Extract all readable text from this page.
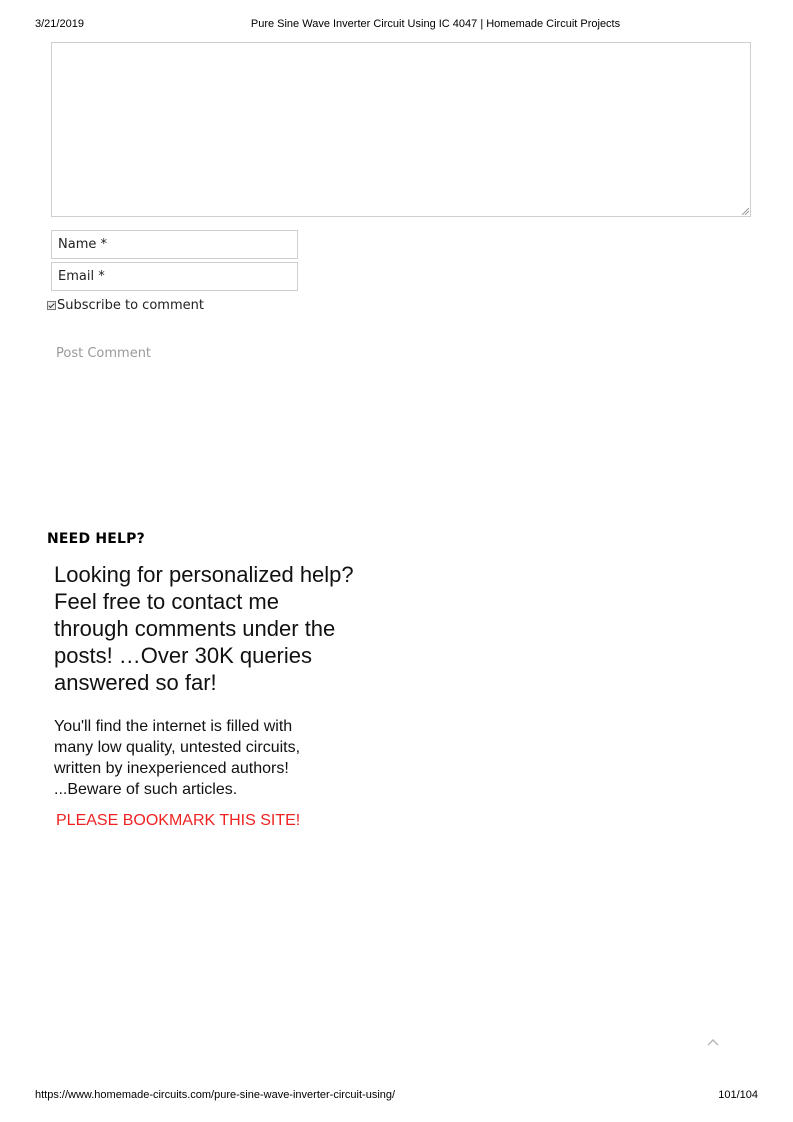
3/21/2019	Pure Sine Wave Inverter Circuit Using IC 4047 | Homemade Circuit Projects
Name *
Email *
Subscribe to comment
Post Comment
NEED HELP?
Looking for personalized help?
Feel free to contact me
through comments under the
posts! …Over 30K queries
answered so far!
You'll find the internet is filled with
many low quality, untested circuits,
written by inexperienced authors!
...Beware of such articles.
PLEASE BOOKMARK THIS SITE!
https://www.homemade-circuits.com/pure-sine-wave-inverter-circuit-using/	101/104
